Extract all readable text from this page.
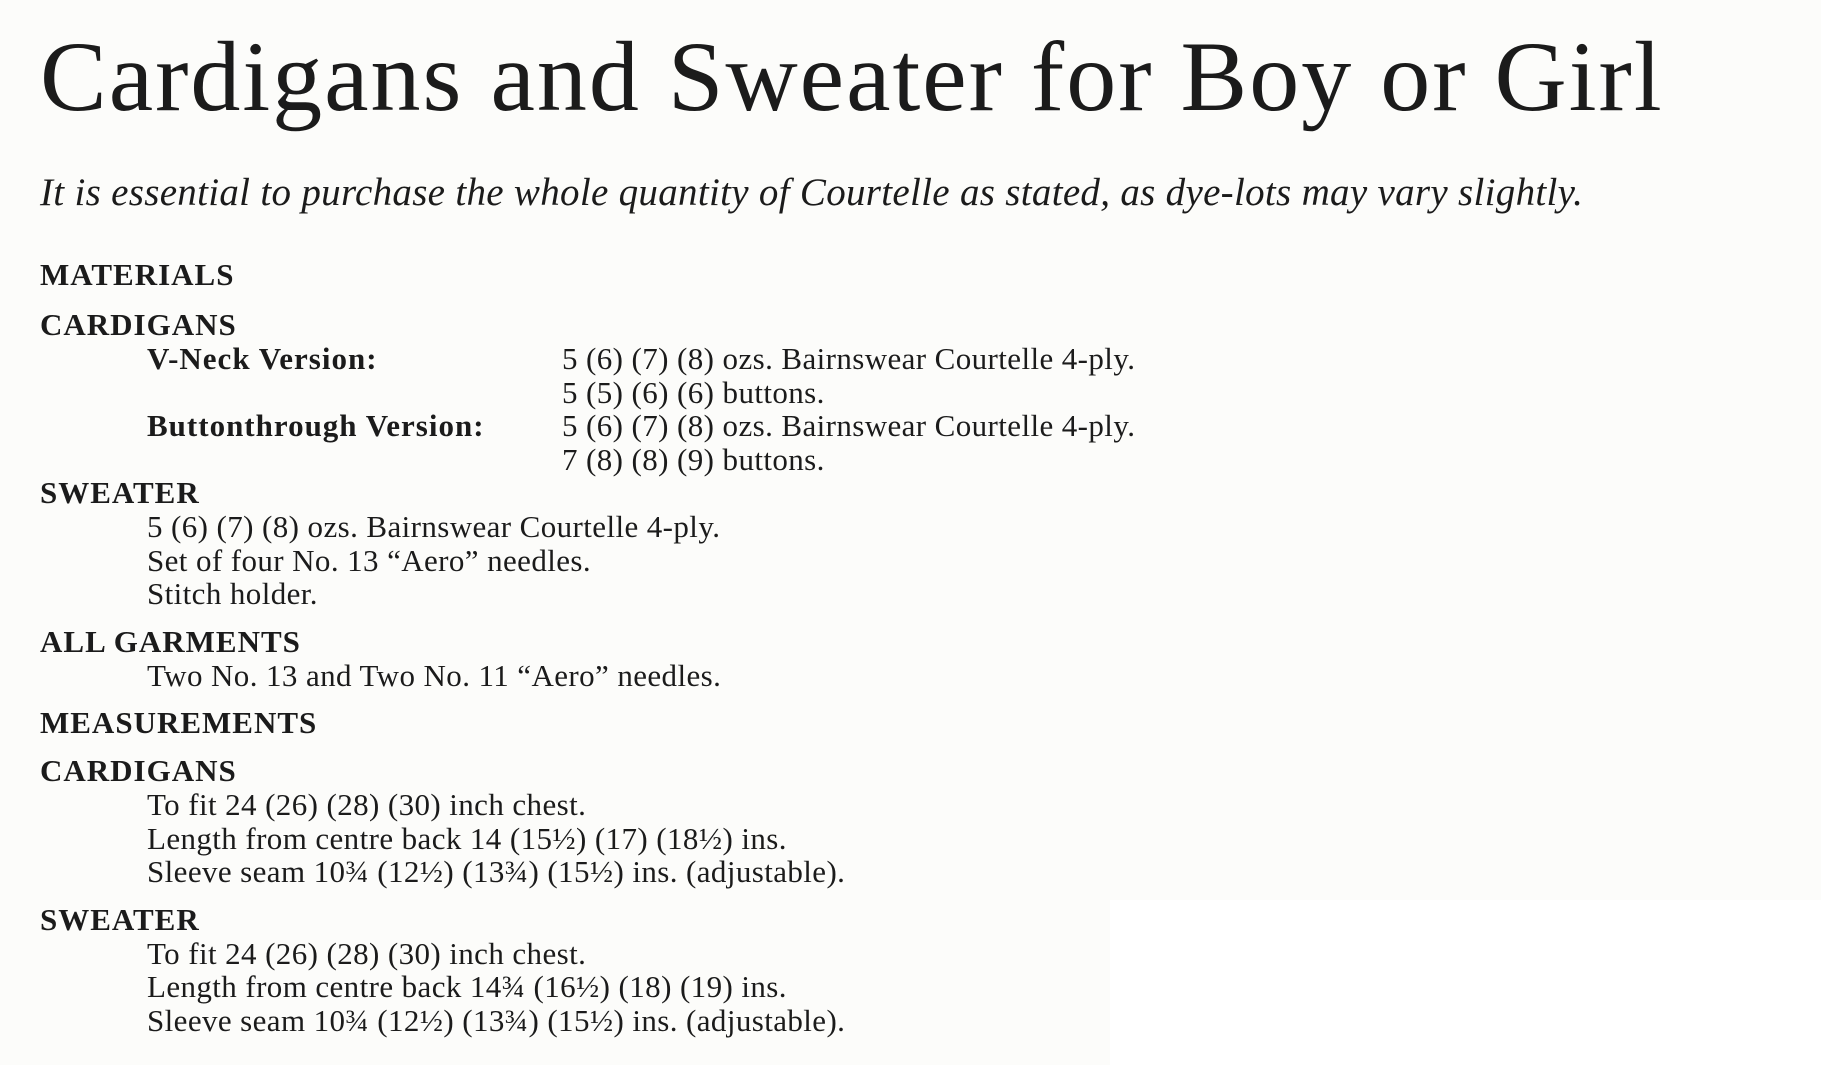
Cardigans and Sweater for Boy or Girl
It is essential to purchase the whole quantity of Courtelle as stated, as dye-lots may vary slightly.
MATERIALS
CARDIGANS
V-Neck Version:	5 (6) (7) (8) ozs. Bairnswear Courtelle 4-ply.
5 (5) (6) (6) buttons.
Buttonthrough Version:	5 (6) (7) (8) ozs. Bairnswear Courtelle 4-ply.
7 (8) (8) (9) buttons.
SWEATER
5 (6) (7) (8) ozs. Bairnswear Courtelle 4-ply.
Set of four No. 13 “Aero” needles.
Stitch holder.
ALL GARMENTS
Two No. 13 and Two No. 11 “Aero” needles.
MEASUREMENTS
CARDIGANS
To fit 24 (26) (28) (30) inch chest.
Length from centre back 14 (15½) (17) (18½) ins.
Sleeve seam 10¾ (12½) (13¾) (15½) ins. (adjustable).
SWEATER
To fit 24 (26) (28) (30) inch chest.
Length from centre back 14¾ (16½) (18) (19) ins.
Sleeve seam 10¾ (12½) (13¾) (15½) ins. (adjustable).
